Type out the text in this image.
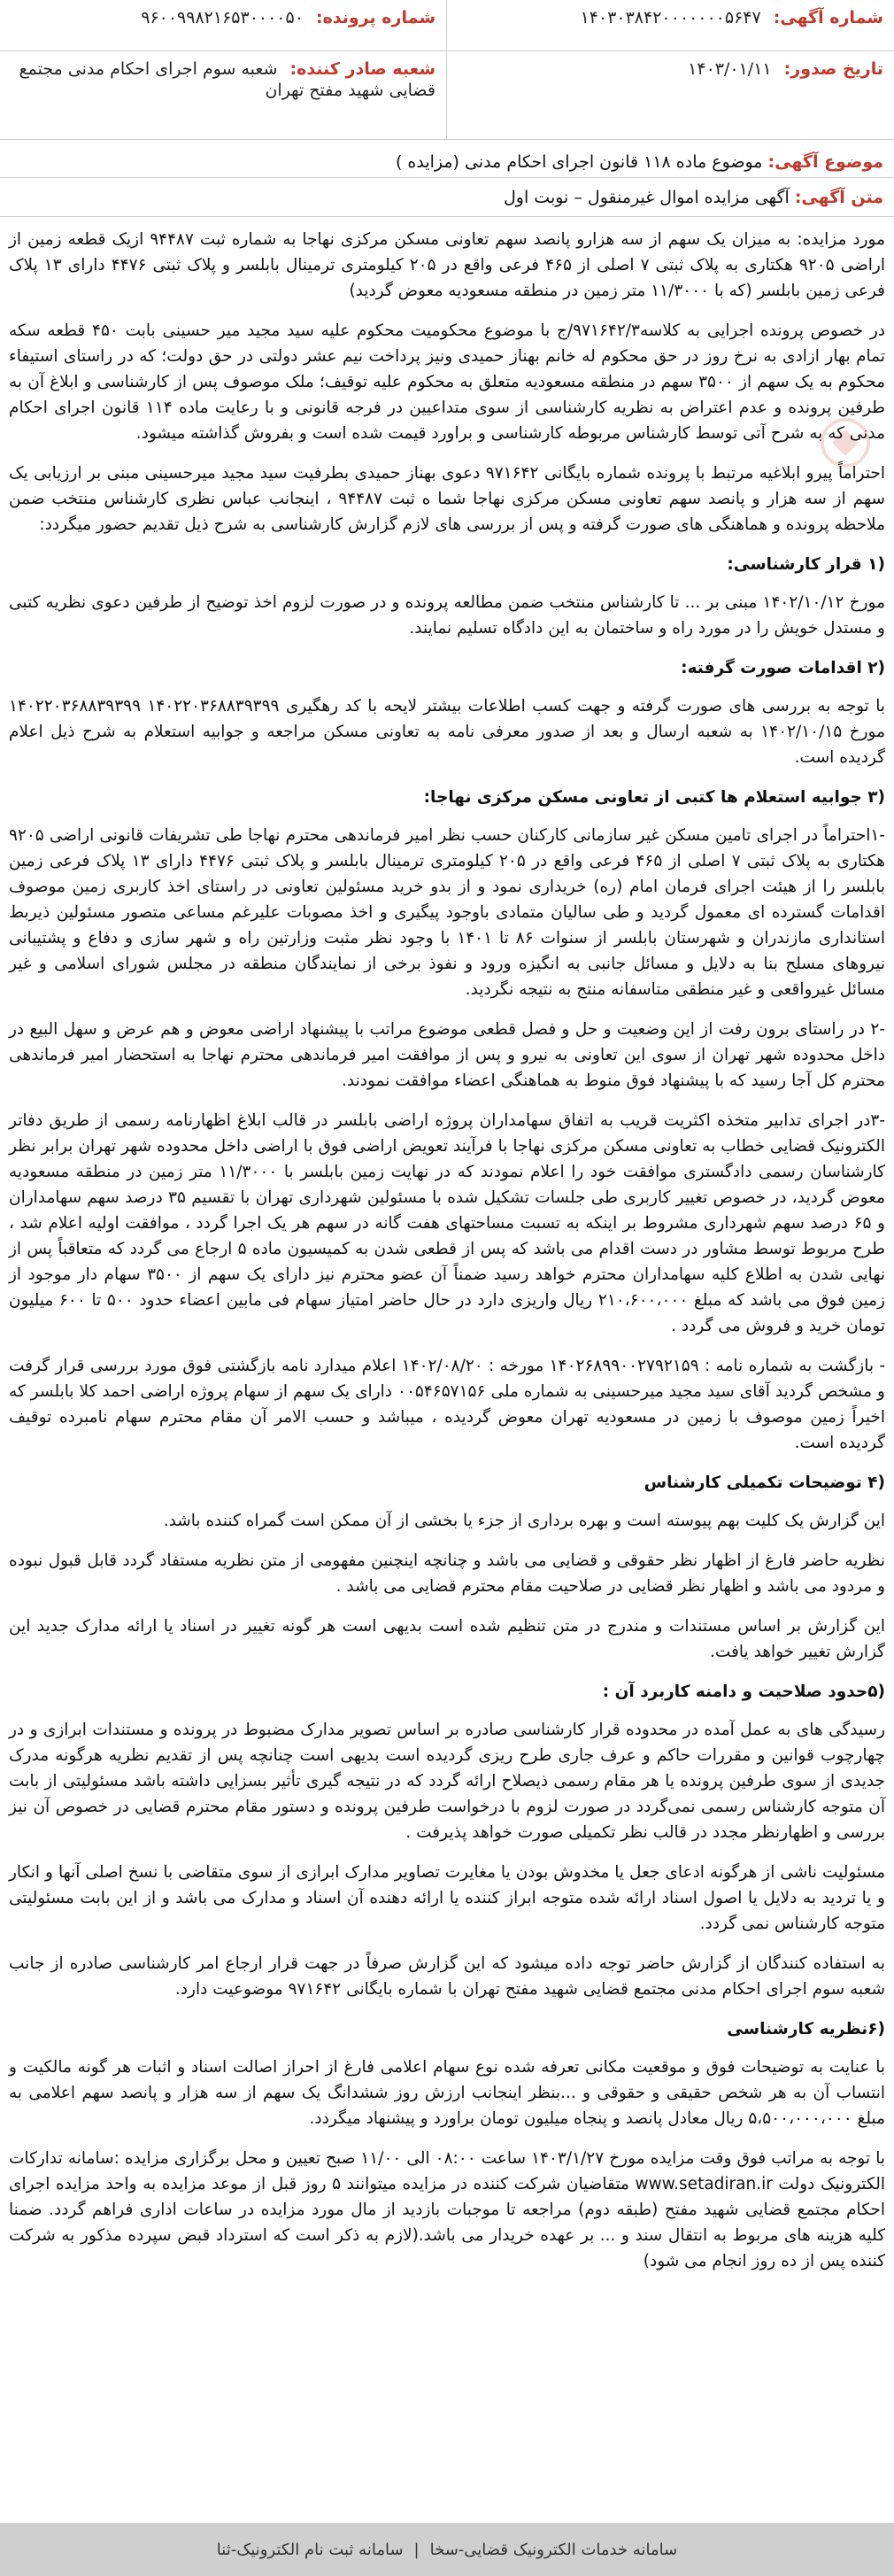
شماره آگهی: ۱۴۰۳۰۳۸۴۲۰۰۰۰۰۰۰۵۶۴۷
شماره پرونده: ۹۶۰۰۹۹۸۲۱۶۵۳۰۰۰۰۵۰
تاریخ صدور: ۱۴۰۳/۰۱/۱۱
شعبه صادر کننده: شعبه سوم اجرای احکام مدنی مجتمع قضایی شهید مفتح تهران
موضوع آگهی: موضوع ماده ۱۱۸ قانون اجرای احکام مدنی (مزایده )
متن آگهی: آگهی مزایده اموال غیرمنقول – نوبت اول

مورد مزایده: به میزان یک سهم از سه هزارو پانصد سهم تعاونی مسکن مرکزی نهاجا به شماره ثبت ۹۴۴۸۷ ازیک قطعه زمین از اراضی ۹۲۰۵ هکتاری به پلاک ثبتی ۷ اصلی از ۴۶۵ فرعی واقع در ۲۰۵ کیلومتری ترمینال بابلسر و پلاک ثبتی ۴۴۷۶ دارای ۱۳ پلاک فرعی زمین بابلسر (که با ۱۱/۳۰۰۰ متر زمین در منطقه مسعودیه معوض گردید)

در خصوص پرونده اجرایی به کلاسه۹۷۱۶۴۲/۳/ج با موضوع محکومیت محکوم علیه سید مجید میر حسینی بابت ۴۵۰ قطعه سکه تمام بهار ازادی به نرخ روز در حق محکوم له خانم بهناز حمیدی ونیز پرداخت نیم عشر دولتی در حق دولت؛ که در راستای استیفاء محکوم به یک سهم از ۳۵۰۰ سهم در منطقه مسعودیه متعلق به محکوم علیه توقیف؛ ملک موصوف پس از کارشناسی و ابلاغ آن به طرفین پرونده و عدم اعتراض به نظریه کارشناسی از سوی متداعیین در فرجه قانونی و با رعایت ماده ۱۱۴ قانون اجرای احکام مدنی که به شرح آتی توسط کارشناس مربوطه کارشناسی و براورد قیمت شده است و بفروش گذاشته میشود.

احتراماً پیرو ابلاغیه مرتبط با پرونده شماره بایگانی ۹۷۱۶۴۲ دعوی بهناز حمیدی بطرفیت سید مجید میرحسینی مبنی بر ارزیابی یک سهم از سه هزار و پانصد سهم تعاونی مسکن مرکزی نهاجا شما ه ثبت ۹۴۴۸۷ ، اینجانب عباس نظری کارشناس منتخب ضمن ملاحظه پرونده و هماهنگی های صورت گرفته و پس از بررسی های لازم گزارش کارشناسی به شرح ذیل تقدیم حضور میگردد:

(۱ قرار کارشناسی:

مورخ ۱۴۰۲/۱۰/۱۲ مبنی بر ... تا کارشناس منتخب ضمن مطالعه پرونده و در صورت لزوم اخذ توضیح از طرفین دعوی نظریه کتبی و مستدل خویش را در مورد راه و ساختمان به این دادگاه تسلیم نمایند.

(۲ اقدامات صورت گرفته:

با توجه به بررسی های صورت گرفته و جهت کسب اطلاعات بیشتر لایحه با کد رهگیری ۱۴۰۲۲۰۳۶۸۸۳۹۳۹۹ ۱۴۰۲۲۰۳۶۸۸۳۹۳۹۹ مورخ ۱۴۰۲/۱۰/۱۵ به شعبه ارسال و بعد از صدور معرفی نامه به تعاونی مسکن مراجعه و جوابیه استعلام به شرح ذیل اعلام گردیده است.

(۳ جوابیه استعلام ها کتبی از تعاونی مسکن مرکزی نهاجا:

-۱احتراماً در اجرای تامین مسکن غیر سازمانی کارکنان حسب نظر امیر فرماندهی محترم نهاجا طی تشریفات قانونی اراضی ۹۲۰۵ هکتاری به پلاک ثبتی ۷ اصلی از ۴۶۵ فرعی واقع در ۲۰۵ کیلومتری ترمینال بابلسر و پلاک ثبتی ۴۴۷۶ دارای ۱۳ پلاک فرعی زمین بابلسر را از هیئت اجرای فرمان امام (ره) خریداری نمود و از بدو خرید مسئولین تعاونی در راستای اخذ کاربری زمین موصوف اقدامات گسترده ای معمول گردید و طی سالیان متمادی باوجود پیگیری و اخذ مصوبات علیرغم مساعی متصور مسئولین ذیربط استانداری مازندران و شهرستان بابلسر از سنوات ۸۶ تا ۱۴۰۱ با وجود نظر مثبت وزارتین راه و شهر سازی و دفاع و پشتیبانی نیروهای مسلح بنا به دلایل و مسائل جانبی به انگیزه ورود و نفوذ برخی از نمایندگان منطقه در مجلس شورای اسلامی و غیر مسائل غیرواقعی و غیر منطقی متاسفانه منتج به نتیجه نگردید.

-۲ در راستای برون رفت از این وضعیت و حل و فصل قطعی موضوع مراتب با پیشنهاد اراضی معوض و هم عرض و سهل البیع در داخل محدوده شهر تهران از سوی این تعاونی به نیرو و پس از موافقت امیر فرماندهی محترم نهاجا به استحضار امیر فرماندهی محترم کل آجا رسید که با پیشنهاد فوق منوط به هماهنگی اعضاء موافقت نمودند.

-۳در اجرای تدابیر متخذه اکثریت قریب به اتفاق سهامداران پروژه اراضی بابلسر در قالب ابلاغ اظهارنامه رسمی از طریق دفاتر الکترونیک قضایی خطاب به تعاونی مسکن مرکزی نهاجا با فرآیند تعویض اراضی فوق با اراضی داخل محدوده شهر تهران برابر نظر کارشناسان رسمی دادگستری موافقت خود را اعلام نمودند که در نهایت زمین بابلسر با ۱۱/۳۰۰۰ متر زمین در منطقه مسعودیه معوض گردید، در خصوص تغییر کاربری طی جلسات تشکیل شده با مسئولین شهرداری تهران با تقسیم ۳۵ درصد سهم سهامداران و ۶۵ درصد سهم شهرداری مشروط بر اینکه به تسبت مساحتهای هفت گانه در سهم هر یک اجرا گردد ، موافقت اولیه اعلام شد ، طرح مربوط توسط مشاور در دست اقدام می باشد که پس از قطعی شدن به کمیسیون ماده ۵ ارجاع می گردد که متعاقباً پس از نهایی شدن به اطلاع کلیه سهامداران محترم خواهد رسید ضمناً آن عضو محترم نیز دارای یک سهم از ۳۵۰۰ سهام دار موجود از زمین فوق می باشد که مبلغ ۲۱۰،۶۰۰،۰۰۰ ریال واریزی دارد در حال حاضر امتیاز سهام فی مابین اعضاء حدود ۵۰۰ تا ۶۰۰ میلیون تومان خرید و فروش می گردد .

- بازگشت به شماره نامه : ۱۴۰۲۶۸۹۹۰۰۲۷۹۲۱۵۹ مورخه : ۱۴۰۲/۰۸/۲۰ اعلام میدارد نامه بازگشتی فوق مورد بررسی قرار گرفت و مشخص گردید آقای سید مجید میرحسینی به شماره ملی ۰۰۵۴۶۵۷۱۵۶ دارای یک سهم از سهام پروژه اراضی احمد کلا بابلسر که اخیراً زمین موصوف با زمین در مسعودیه تهران معوض گردیده ، میباشد و حسب الامر آن مقام محترم سهام نامبرده توقیف گردیده است.

(۴ توضیحات تکمیلی کارشناس

این گزارش یک کلیت بهم پیوسته است و بهره برداری از جزء یا بخشی از آن ممکن است گمراه کننده باشد.

نظریه حاضر فارغ از اظهار نظر حقوقی و قضایی می باشد و چنانچه اینچنین مفهومی از متن نظریه مستفاد گردد قابل قبول نبوده و مردود می باشد و اظهار نظر قضایی در صلاحیت مقام محترم قضایی می باشد .

این گزارش بر اساس مستندات و مندرج در متن تنظیم شده است بدیهی است هر گونه تغییر در اسناد یا ارائه مدارک جدید این گزارش تغییر خواهد یافت.

(۵حدود صلاحیت و دامنه کاربرد آن :

رسیدگی های به عمل آمده در محدوده قرار کارشناسی صادره بر اساس تصویر مدارک مضبوط در پرونده و مستندات ابرازی و در چهارچوب قوانین و مقررات حاکم و عرف جاری طرح ریزی گردیده است بدیهی است چنانچه پس از تقدیم نظریه هرگونه مدرک جدیدی از سوی طرفین پرونده یا هر مقام رسمی ذیصلاح ارائه گردد که در نتیجه گیری تأثیر بسزایی داشته باشد مسئولیتی از بابت آن متوجه کارشناس رسمی نمی‌گردد در صورت لزوم با درخواست طرفین پرونده و دستور مقام محترم قضایی در خصوص آن نیز بررسی و اظهارنظر مجدد در قالب نظر تکمیلی صورت خواهد پذیرفت .

مسئولیت ناشی از هرگونه ادعای جعل یا مخدوش بودن یا مغایرت تصاویر مدارک ابرازی از سوی متقاضی با نسخ اصلی آنها و انکار و یا تردید به دلایل یا اصول اسناد ارائه شده متوجه ابراز کننده یا ارائه دهنده آن اسناد و مدارک می باشد و از این بابت مسئولیتی متوجه کارشناس نمی گردد.

به استفاده کنندگان از گزارش حاضر توجه داده میشود که این گزارش صرفاً در جهت قرار ارجاع امر کارشناسی صادره از جانب شعبه سوم اجرای احکام مدنی مجتمع قضایی شهید مفتح تهران با شماره بایگانی ۹۷۱۶۴۲ موضوعیت دارد.

(۶نظریه کارشناسی

با عنایت به توضیحات فوق و موقعیت مکانی تعرفه شده نوع سهام اعلامی فارغ از احراز اصالت اسناد و اثبات هر گونه مالکیت و انتساب آن به هر شخص حقیقی و حقوقی و ...بنظر اینجانب ارزش روز ششدانگ یک سهم از سه هزار و پانصد سهم اعلامی به مبلغ ۵،۵۰۰،۰۰۰،۰۰۰ ریال معادل پانصد و پنجاه میلیون تومان براورد و پیشنهاد میگردد.

با توجه به مراتب فوق وقت مزایده مورخ ۱۴۰۳/۱/۲۷ ساعت ۰۸:۰۰ الی ۱۱/۰۰ صبح تعیین و محل برگزاری مزایده :سامانه تدارکات الکترونیک دولت www.setadiran.ir متقاضیان شرکت کننده در مزایده میتوانند ۵ روز قبل از موعد مزایده به واحد مزایده اجرای احکام مجتمع قضایی شهید مفتح (طبقه دوم) مراجعه تا موجبات بازدید از مال مورد مزایده در ساعات اداری فراهم گردد. ضمنا کلیه هزینه های مربوط به انتقال سند و ... بر عهده خریدار می باشد.(لازم به ذکر است که استرداد قبض سپرده مذکور به شرکت کننده پس از ده روز انجام می شود)

سامانه خدمات الکترونیک قضایی-سخا
|
سامانه ثبت نام الکترونیک-ثنا
